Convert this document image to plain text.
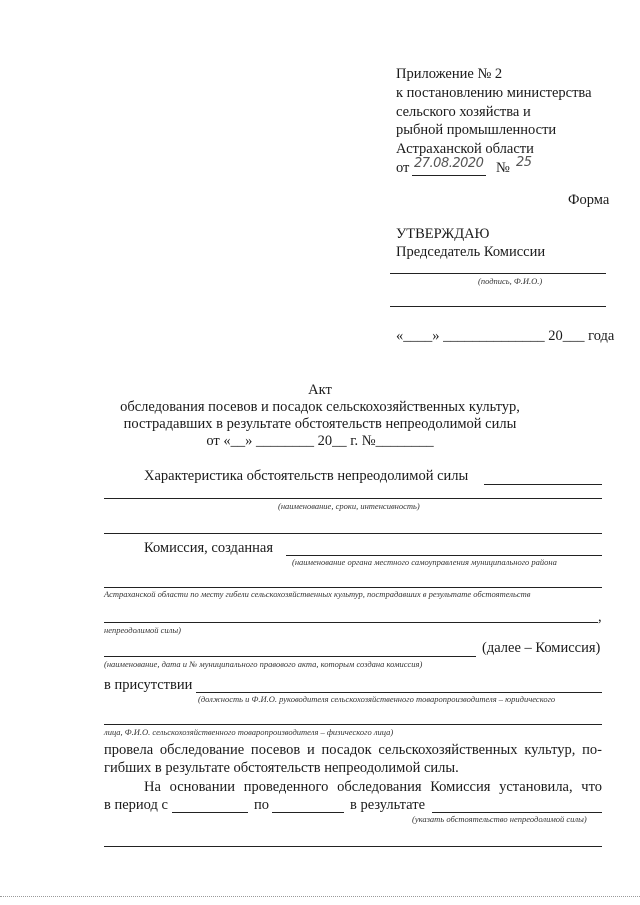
Приложение № 2
к постановлению министерства
сельского хозяйства и
рыбной промышленности
Астраханской области
от 27.08.2020 № 25
Форма
УТВЕРЖДАЮ
Председатель Комиссии
(подпись, Ф.И.О.)
«____» ______________ 20___ года
Акт
обследования посевов и посадок сельскохозяйственных культур,
пострадавших в результате обстоятельств непреодолимой силы
от «__» ________ 20__ г. №________
Характеристика обстоятельств непреодолимой силы
(наименование, сроки, интенсивность)
Комиссия, созданная
(наименование органа местного самоуправления муниципального района
Астраханской области по месту гибели сельскохозяйственных культур, пострадавших в результате обстоятельств
,
непреодолимой силы)
(далее – Комиссия)
(наименование, дата и № муниципального правового акта, которым создана комиссия)
в присутствии
(должность и Ф.И.О. руководителя сельскохозяйственного товаропроизводителя – юридического
лица, Ф.И.О. сельскохозяйственного товаропроизводителя – физического лица)
провела обследование посевов и посадок сельскохозяйственных культур, по-
гибших в результате обстоятельств непреодолимой силы.
На основании проведенного обследования Комиссия установила, что
в период с	по	в результате
(указать обстоятельство непреодолимой силы)
